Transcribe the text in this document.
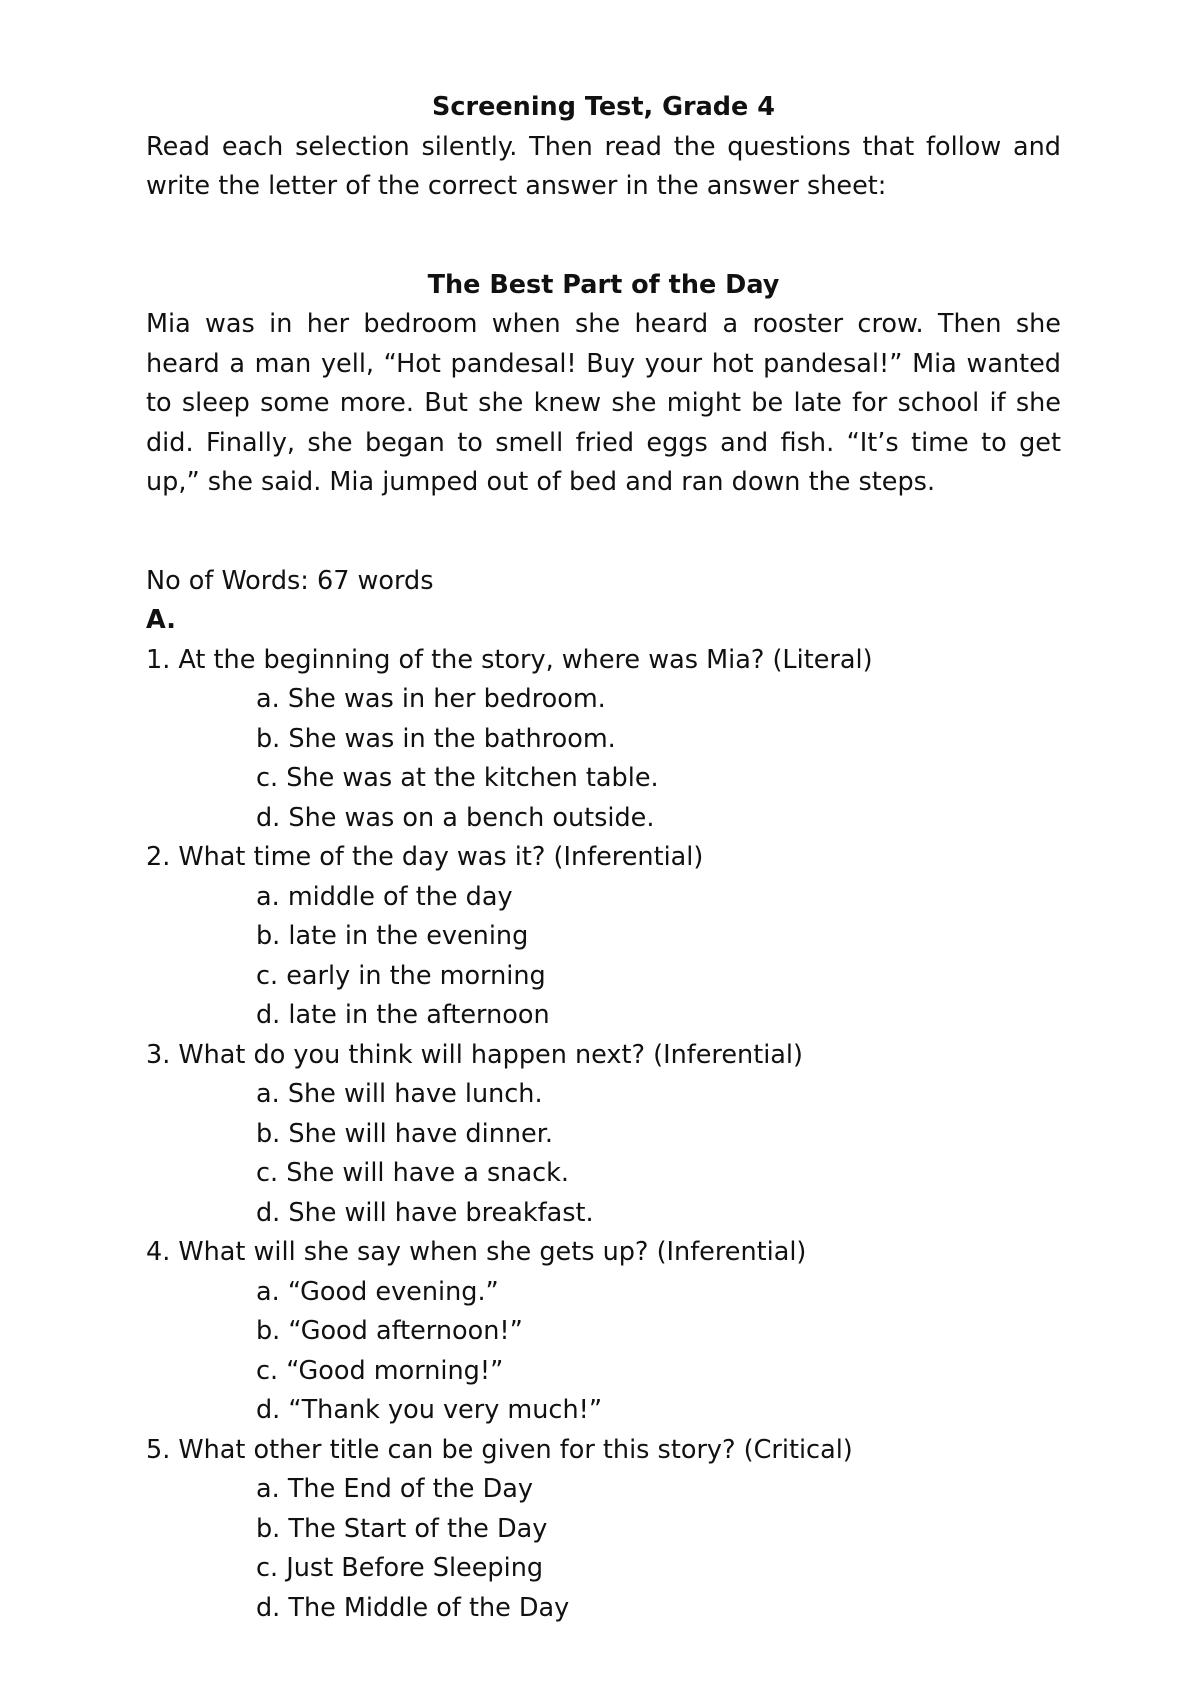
Screening Test, Grade 4

Read each selection silently. Then read the questions that follow and write the letter of the correct answer in the answer sheet:

The Best Part of the Day

Mia was in her bedroom when she heard a rooster crow. Then she heard a man yell, “Hot pandesal! Buy your hot pandesal!” Mia wanted to sleep some more. But she knew she might be late for school if she did. Finally, she began to smell fried eggs and fish. “It’s time to get up,” she said. Mia jumped out of bed and ran down the steps.

No of Words: 67 words

A.

1. At the beginning of the story, where was Mia? (Literal)

a. She was in her bedroom.
b. She was in the bathroom.
c. She was at the kitchen table.
d. She was on a bench outside.

2. What time of the day was it? (Inferential)

a. middle of the day
b. late in the evening
c. early in the morning
d. late in the afternoon

3. What do you think will happen next? (Inferential)

a. She will have lunch.
b. She will have dinner.
c. She will have a snack.
d. She will have breakfast.

4. What will she say when she gets up? (Inferential)

a. “Good evening.”
b. “Good afternoon!”
c. “Good morning!”
d. “Thank you very much!”

5. What other title can be given for this story? (Critical)

a. The End of the Day
b. The Start of the Day
c. Just Before Sleeping
d. The Middle of the Day
